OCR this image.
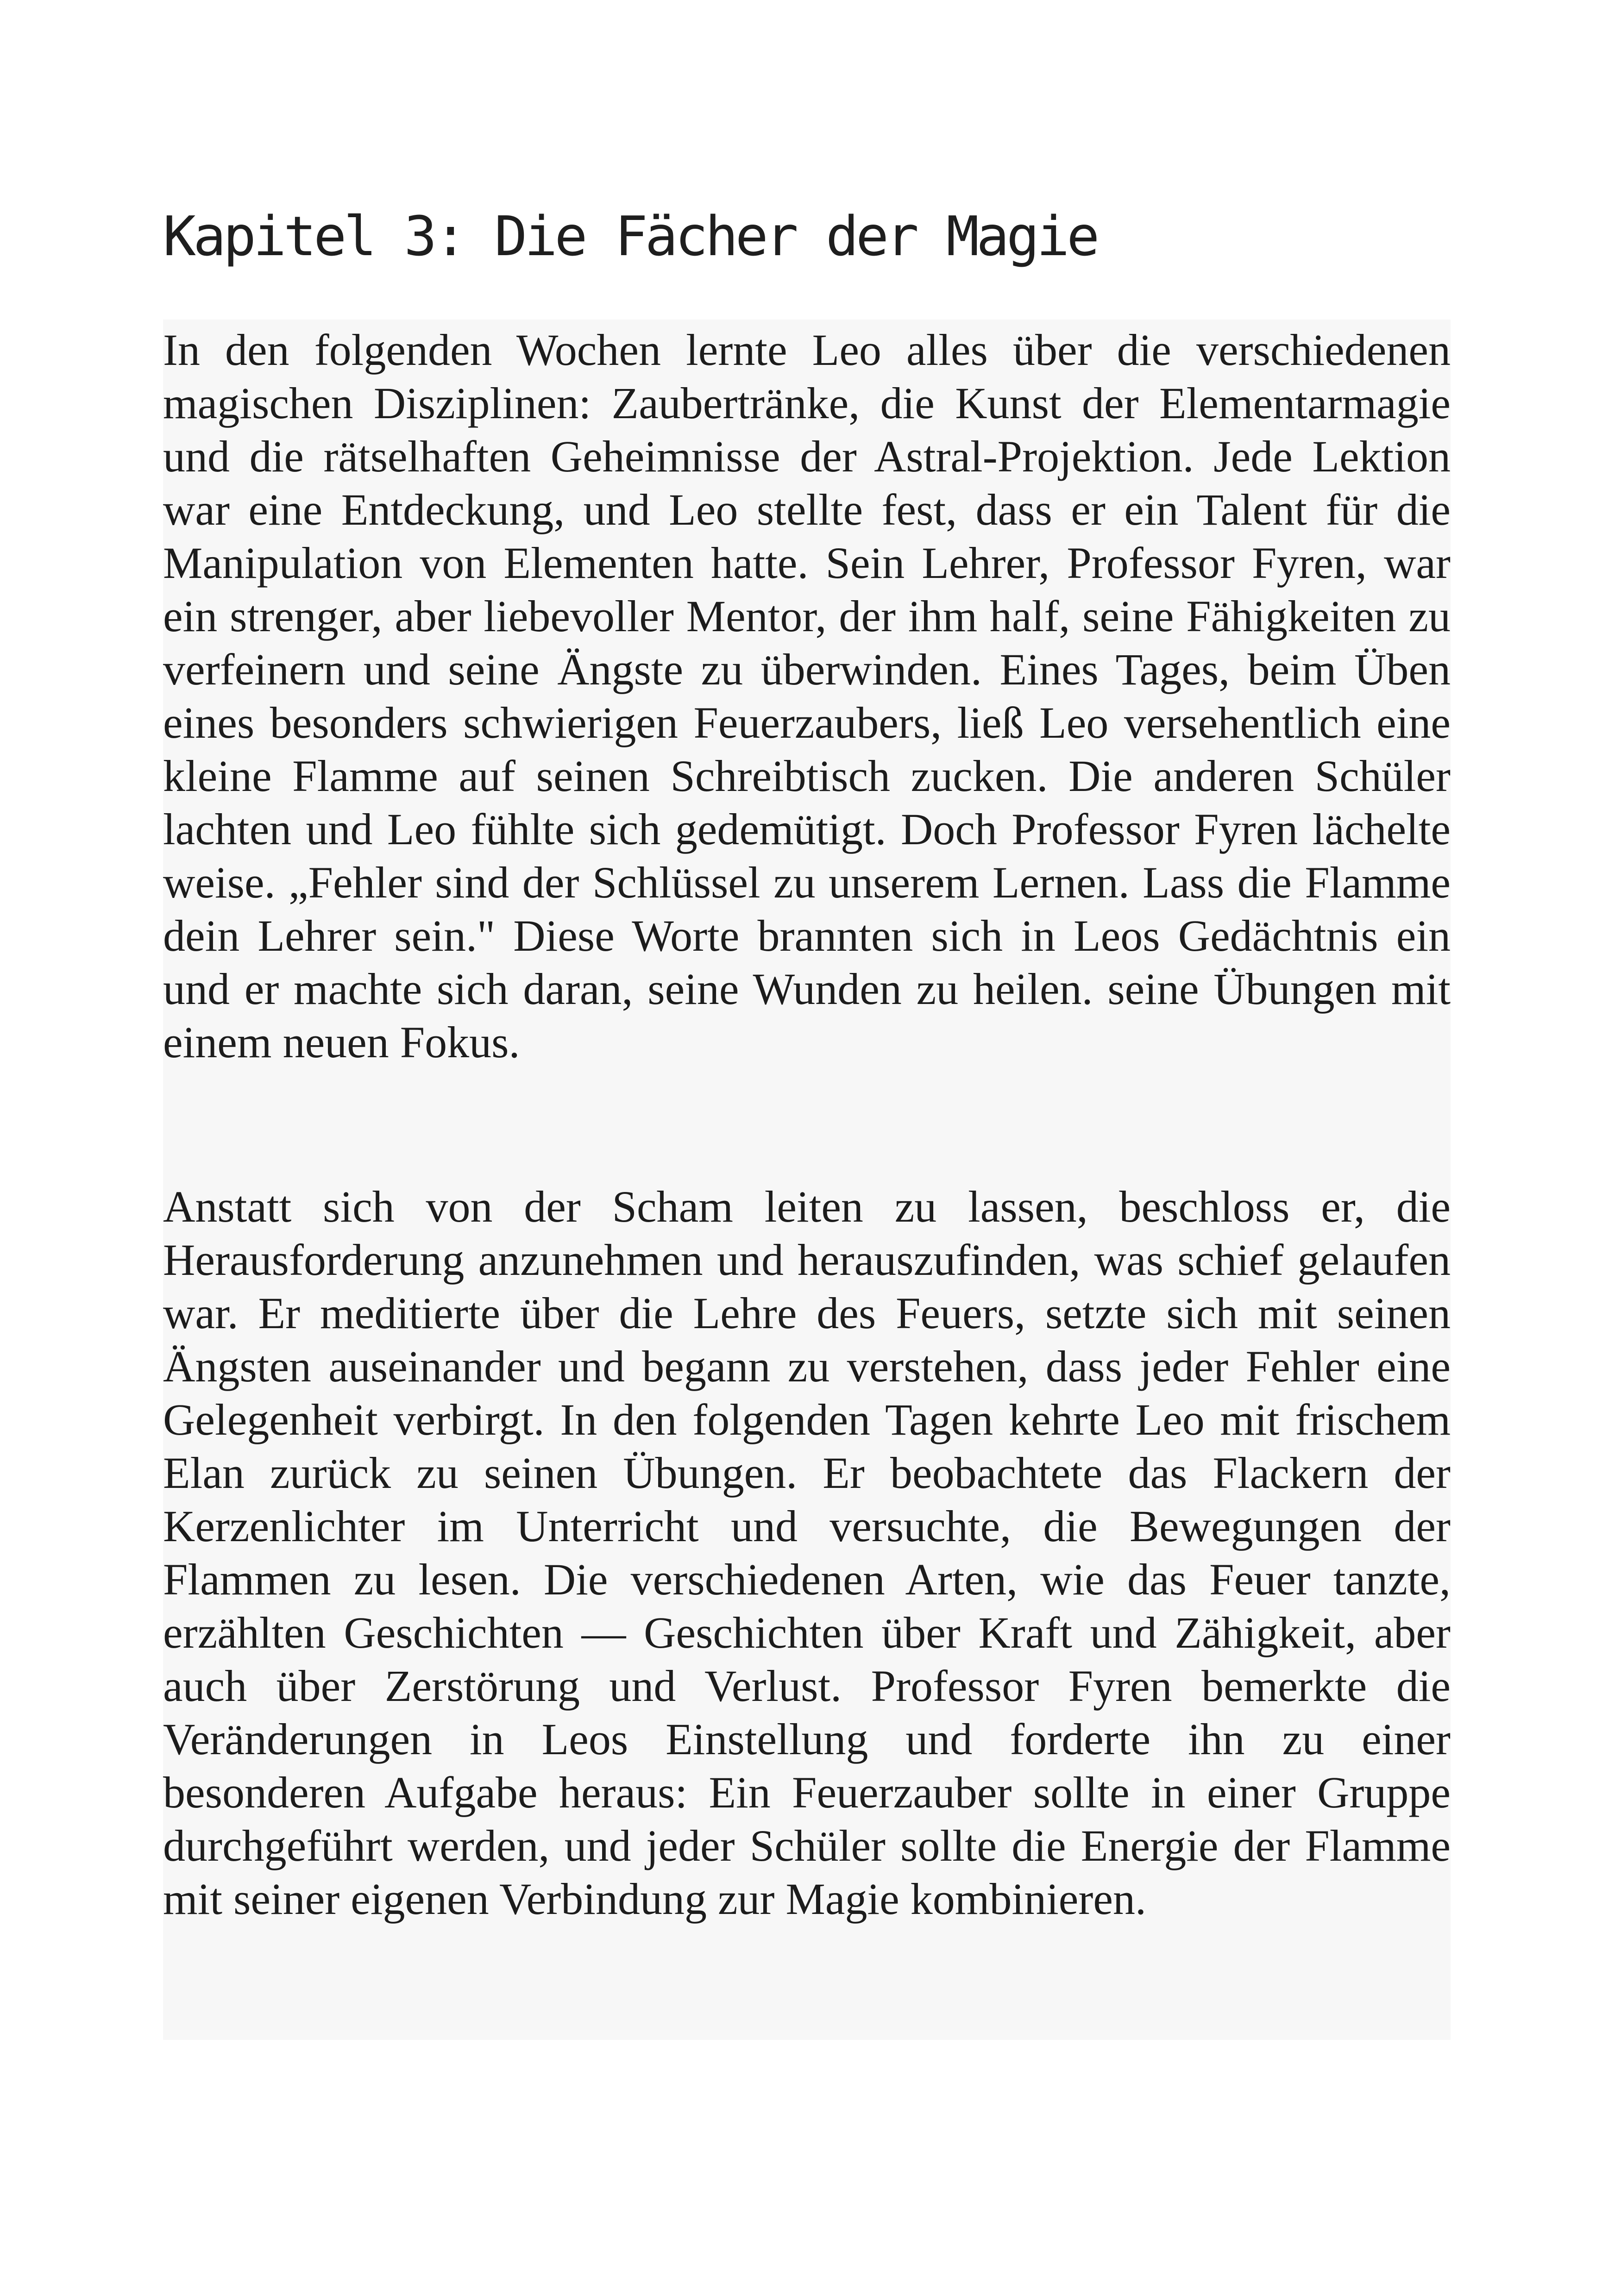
Kapitel 3: Die Fächer der Magie

In den folgenden Wochen lernte Leo alles über die verschiedenen magischen Disziplinen: Zaubertränke, die Kunst der Elementarmagie und die rätselhaften Geheimnisse der Astral-Projektion. Jede Lektion war eine Entdeckung, und Leo stellte fest, dass er ein Talent für die Manipulation von Elementen hatte. Sein Lehrer, Professor Fyren, war ein strenger, aber liebevoller Mentor, der ihm half, seine Fähigkeiten zu verfeinern und seine Ängste zu überwinden. Eines Tages, beim Üben eines besonders schwierigen Feuerzaubers, ließ Leo versehentlich eine kleine Flamme auf seinen Schreibtisch zucken. Die anderen Schüler lachten und Leo fühlte sich gedemütigt. Doch Professor Fyren lächelte weise. „Fehler sind der Schlüssel zu unserem Lernen. Lass die Flamme dein Lehrer sein." Diese Worte brannten sich in Leos Gedächtnis ein und er machte sich daran, seine Wunden zu heilen. seine Übungen mit einem neuen Fokus.

Anstatt sich von der Scham leiten zu lassen, beschloss er, die Herausforderung anzunehmen und herauszufinden, was schief gelaufen war. Er meditierte über die Lehre des Feuers, setzte sich mit seinen Ängsten auseinander und begann zu verstehen, dass jeder Fehler eine Gelegenheit verbirgt. In den folgenden Tagen kehrte Leo mit frischem Elan zurück zu seinen Übungen. Er beobachtete das Flackern der Kerzenlichter im Unterricht und versuchte, die Bewegungen der Flammen zu lesen. Die verschiedenen Arten, wie das Feuer tanzte, erzählten Geschichten — Geschichten über Kraft und Zähigkeit, aber auch über Zerstörung und Verlust. Professor Fyren bemerkte die Veränderungen in Leos Einstellung und forderte ihn zu einer besonderen Aufgabe heraus: Ein Feuerzauber sollte in einer Gruppe durchgeführt werden, und jeder Schüler sollte die Energie der Flamme mit seiner eigenen Verbindung zur Magie kombinieren.
